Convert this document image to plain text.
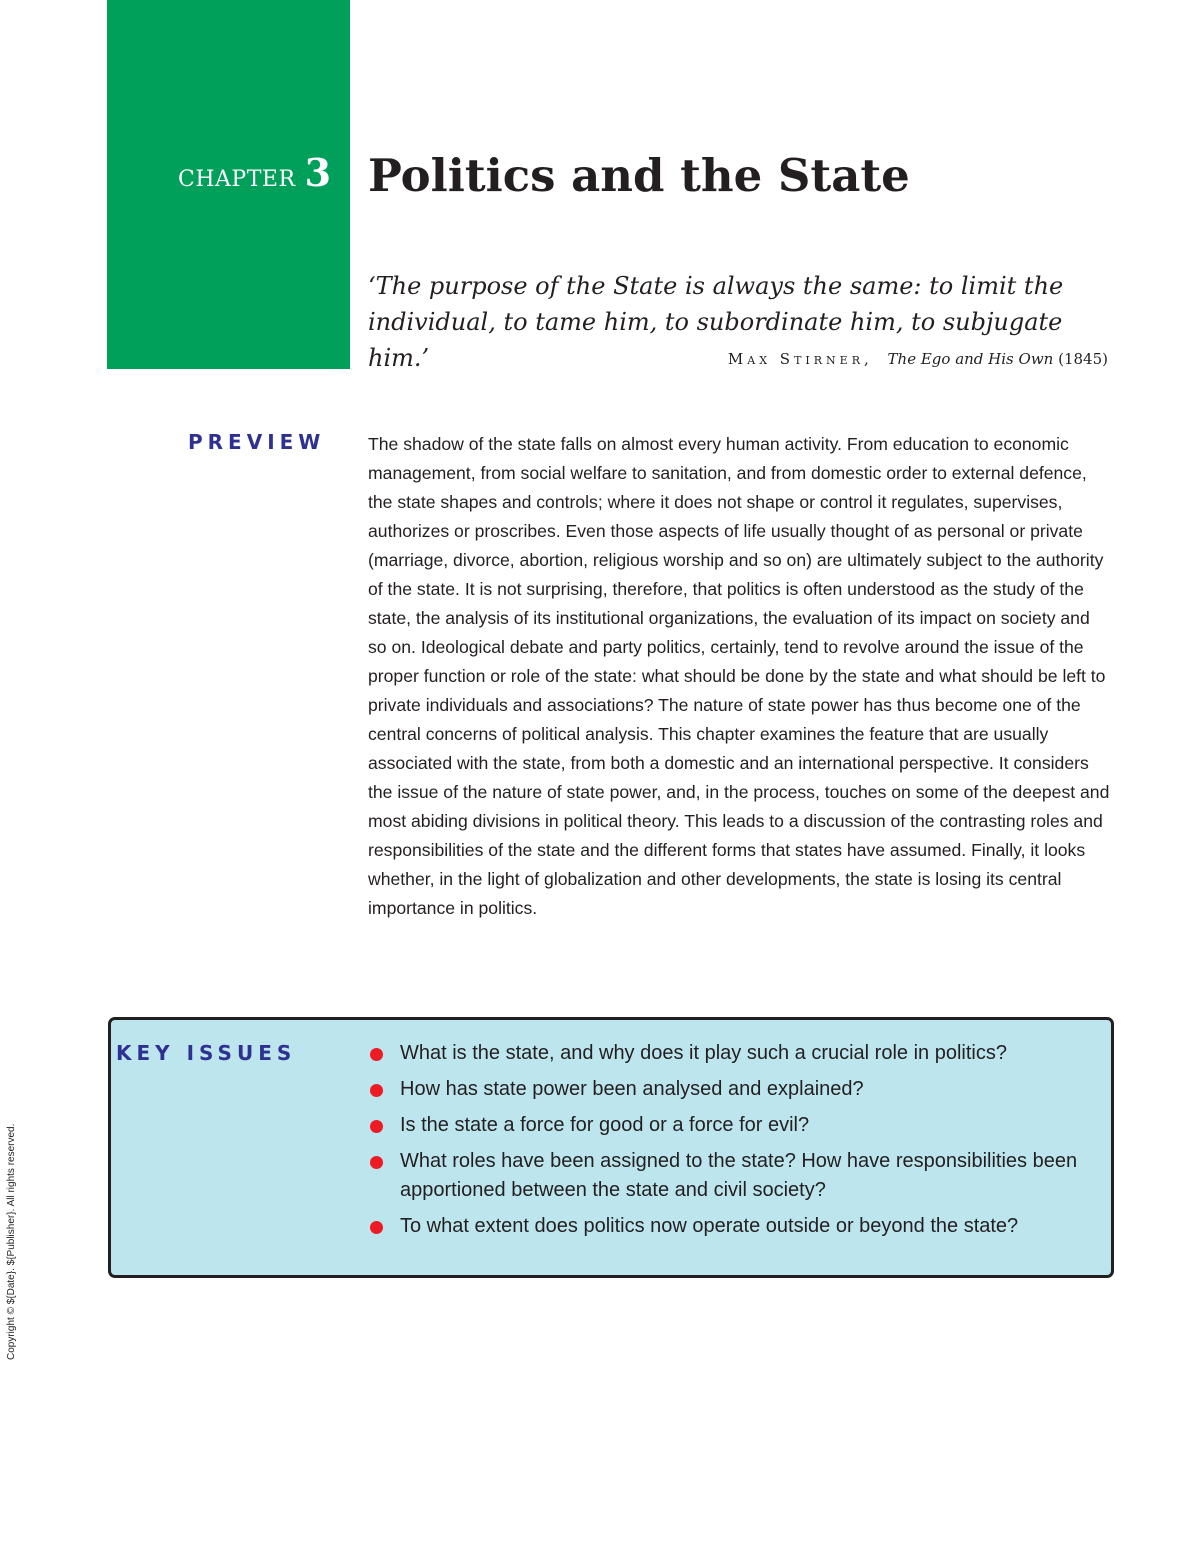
CHAPTER 3 Politics and the State

‘The purpose of the State is always the same: to limit the individual, to tame him, to subordinate him, to subjugate him.’	Max Stirner, The Ego and His Own (1845)
PREVIEW The shadow of the state falls on almost every human activity. From education to economic management, from social welfare to sanitation, and from domestic order to external defence, the state shapes and controls; where it does not shape or control it regulates, supervises, authorizes or proscribes. Even those aspects of life usually thought of as personal or private (marriage, divorce, abortion, religious worship and so on) are ultimately subject to the authority of the state. It is not surprising, therefore, that politics is often understood as the study of the state, the analysis of its institutional organizations, the evaluation of its impact on society and so on. Ideological debate and party politics, certainly, tend to revolve around the issue of the proper function or role of the state: what should be done by the state and what should be left to private individuals and associations? The nature of state power has thus become one of the central concerns of political analysis. This chapter examines the feature that are usually associated with the state, from both a domestic and an international perspective. It considers the issue of the nature of state power, and, in the process, touches on some of the deepest and most abiding divisions in political theory. This leads to a discussion of the contrasting roles and responsibilities of the state and the different forms that states have assumed. Finally, it looks whether, in the light of globalization and other developments, the state is losing its central importance in politics.

KEY ISSUES	What is the state, and why does it play such a crucial role in politics?
How has state power been analysed and explained?
Is the state a force for good or a force for evil?
What roles have been assigned to the state? How have responsibilities been apportioned between the state and civil society?
To what extent does politics now operate outside or beyond the state?
Copyright © ${Date}. ${Publisher}. All rights reserved.
